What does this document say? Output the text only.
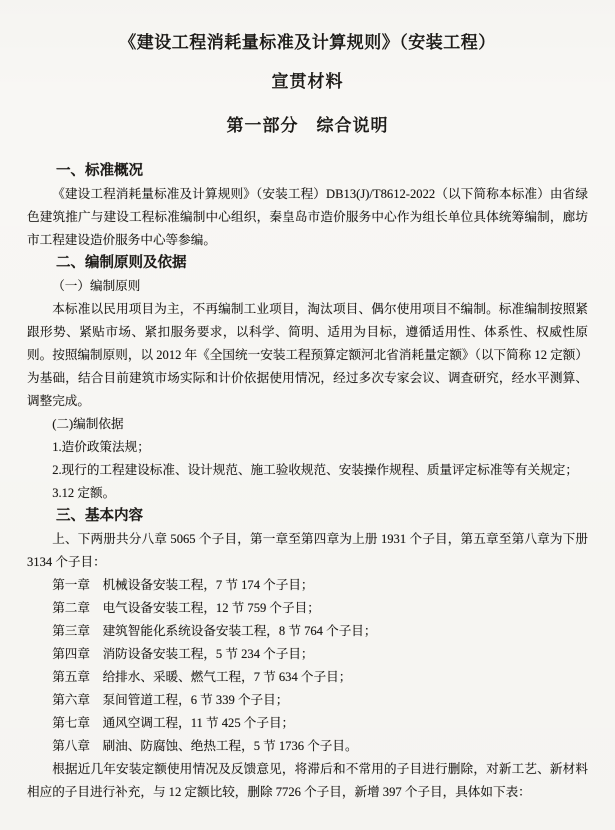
《建设工程消耗量标准及计算规则》（安装工程）
宣贯材料
第一部分　综合说明

一、标准概况

《建设工程消耗量标准及计算规则》（安装工程）DB13(J)/T8612-2022（以下简称本标准）由省绿色建筑推广与建设工程标准编制中心组织，秦皇岛市造价服务中心作为组长单位具体统筹编制，廊坊市工程建设造价服务中心等参编。

二、编制原则及依据

（一）编制原则

本标准以民用项目为主，不再编制工业项目，淘汰项目、偶尔使用项目不编制。标准编制按照紧跟形势、紧贴市场、紧扣服务要求，以科学、简明、适用为目标，遵循适用性、体系性、权威性原则。按照编制原则，以 2012 年《全国统一安装工程预算定额河北省消耗量定额》（以下简称 12 定额）为基础，结合目前建筑市场实际和计价依据使用情况，经过多次专家会议、调查研究，经水平测算、调整完成。

(二)编制依据

1.造价政策法规；

2.现行的工程建设标准、设计规范、施工验收规范、安装操作规程、质量评定标准等有关规定；

3.12 定额。

三、基本内容

上、下两册共分八章 5065 个子目，第一章至第四章为上册 1931 个子目，第五章至第八章为下册 3134 个子目：

第一章　机械设备安装工程，7 节 174 个子目；

第二章　电气设备安装工程，12 节 759 个子目；

第三章　建筑智能化系统设备安装工程，8 节 764 个子目；

第四章　消防设备安装工程，5 节 234 个子目；

第五章　给排水、采暖、燃气工程，7 节 634 个子目；

第六章　泵间管道工程，6 节 339 个子目；

第七章　通风空调工程，11 节 425 个子目；

第八章　刷油、防腐蚀、绝热工程，5 节 1736 个子目。

根据近几年安装定额使用情况及反馈意见，将滞后和不常用的子目进行删除，对新工艺、新材料相应的子目进行补充，与 12 定额比较，删除 7726 个子目，新增 397 个子目，具体如下表：
